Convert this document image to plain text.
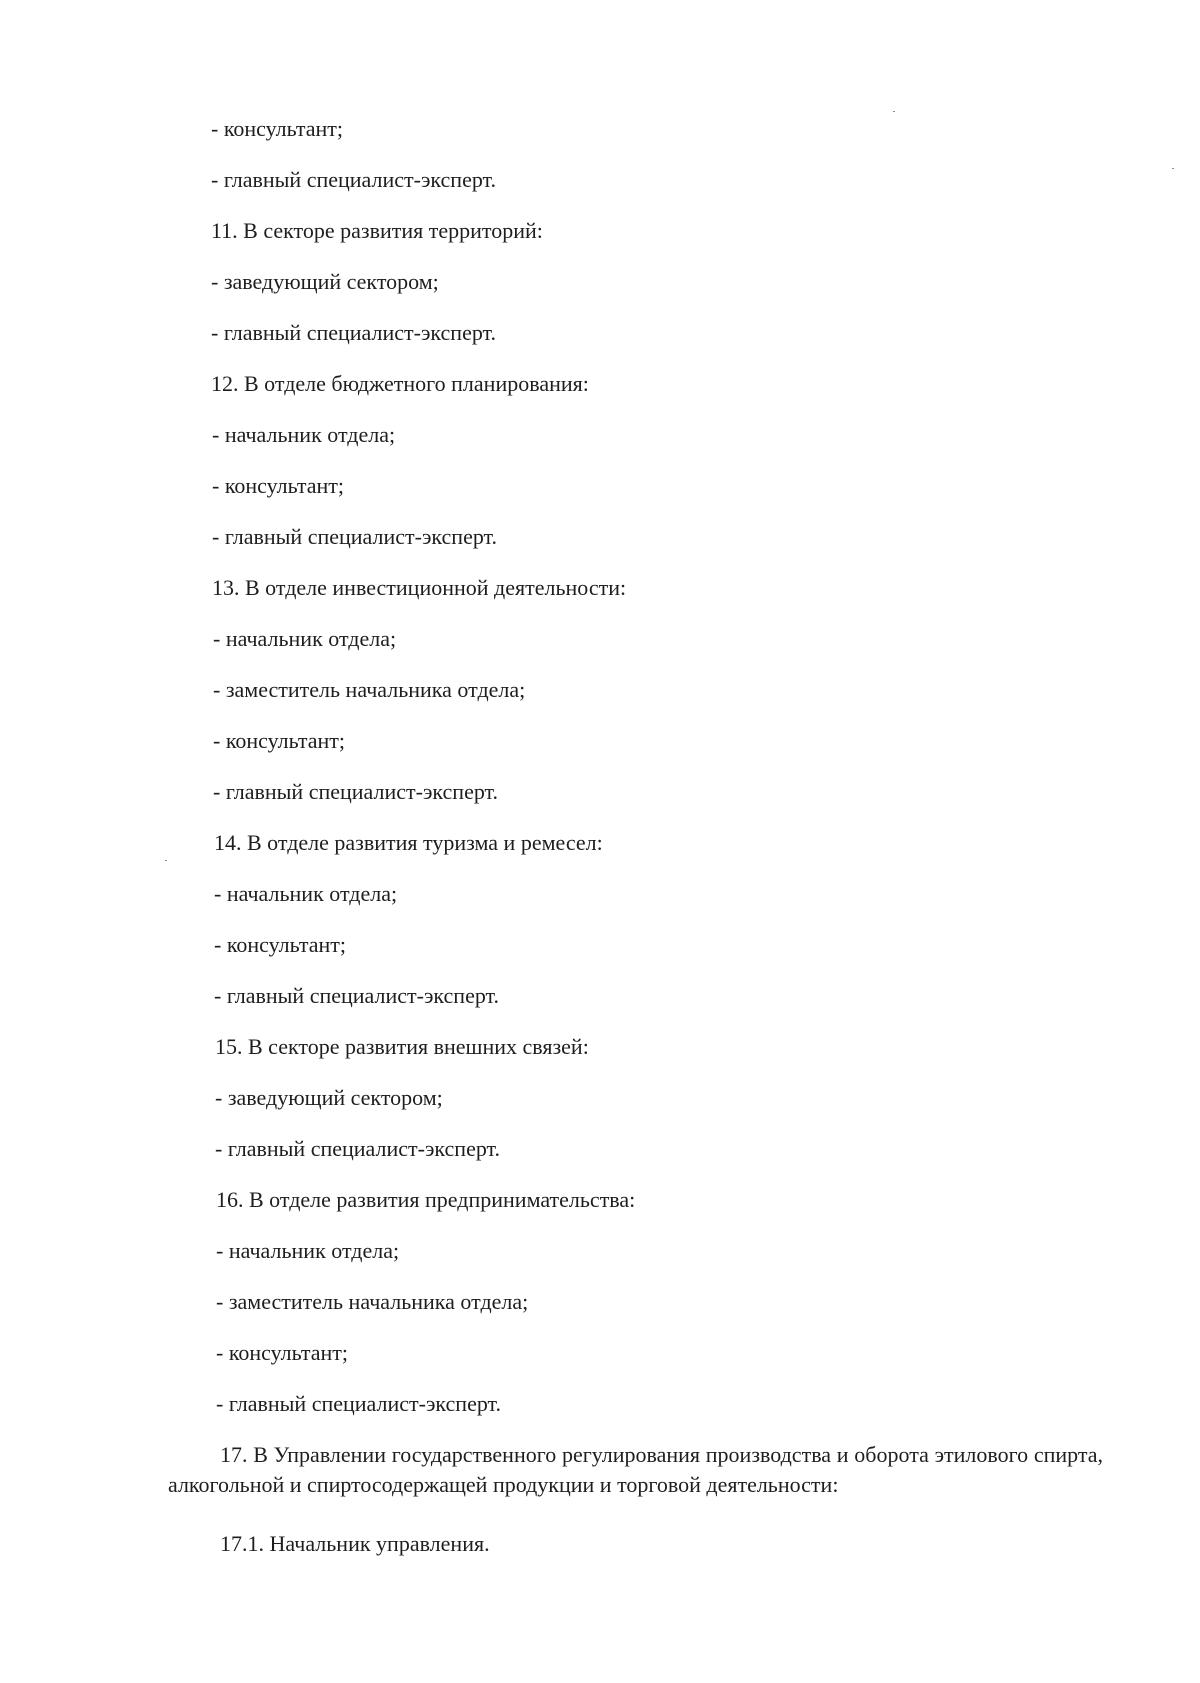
- консультант;
- главный специалист-эксперт.
11. В секторе развития территорий:
- заведующий сектором;
- главный специалист-эксперт.
12. В отделе бюджетного планирования:
- начальник отдела;
- консультант;
- главный специалист-эксперт.
13. В отделе инвестиционной деятельности:
- начальник отдела;
- заместитель начальника отдела;
- консультант;
- главный специалист-эксперт.
14. В отделе развития туризма и ремесел:
- начальник отдела;
- консультант;
- главный специалист-эксперт.
15. В секторе развития внешних связей:
- заведующий сектором;
- главный специалист-эксперт.
16. В отделе развития предпринимательства:
- начальник отдела;
- заместитель начальника отдела;
- консультант;
- главный специалист-эксперт.
17. В Управлении государственного регулирования производства и оборота этилового спирта, алкогольной и спиртосодержащей продукции и торговой деятельности:
17.1. Начальник управления.
